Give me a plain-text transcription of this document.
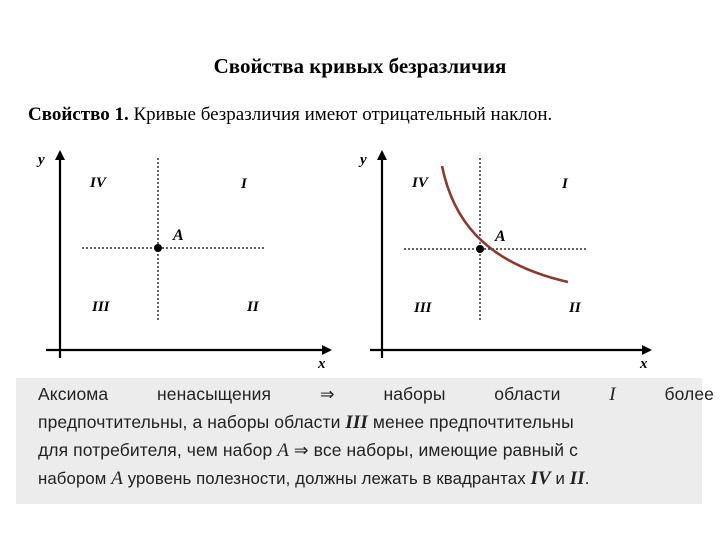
Свойства кривых безразличия
Свойство 1. Кривые безразличия имеют отрицательный наклон.
y
x
A
IV	I
III	II
y
x
A
IV	I
III	II
Аксиома	ненасыщения	⇒	наборы	области	I	более
предпочтительны, а наборы области III менее предпочтительны
для потребителя, чем набор A ⇒ все наборы, имеющие равный с
набором A уровень полезности, должны лежать в квадрантах IV и II.
